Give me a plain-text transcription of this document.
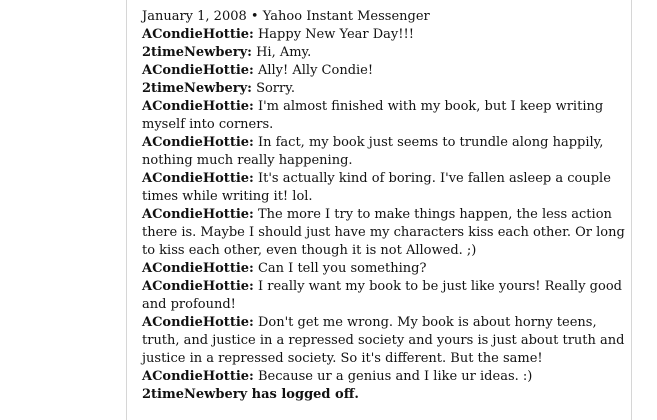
January 1, 2008 • Yahoo Instant Messenger

ACondieHottie: Happy New Year Day!!!

2timeNewbery: Hi, Amy.

ACondieHottie: Ally! Ally Condie!

2timeNewbery: Sorry.

ACondieHottie: I'm almost finished with my book, but I keep writing myself into corners.

ACondieHottie: In fact, my book just seems to trundle along happily, nothing much really happening.

ACondieHottie: It's actually kind of boring. I've fallen asleep a couple times while writing it! lol.

ACondieHottie: The more I try to make things happen, the less action there is. Maybe I should just have my characters kiss each other. Or long to kiss each other, even though it is not Allowed. ;)

ACondieHottie: Can I tell you something?

ACondieHottie: I really want my book to be just like yours! Really good and profound!

ACondieHottie: Don't get me wrong. My book is about horny teens, truth, and justice in a repressed society and yours is just about truth and justice in a repressed society. So it's different. But the same!

ACondieHottie: Because ur a genius and I like ur ideas. :)

2timeNewbery has logged off.
